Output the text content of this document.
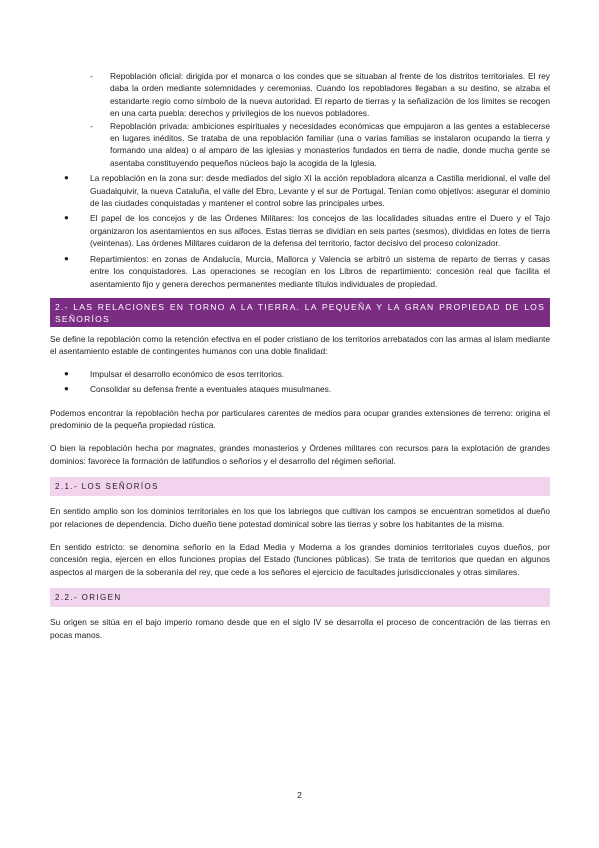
- Repoblación oficial: dirigida por el monarca o los condes que se situaban al frente de los distritos territoriales. El rey daba la orden mediante solemnidades y ceremonias. Cuando los repobladores llegaban a su destino, se alzaba el estandarte regio como símbolo de la nueva autoridad. El reparto de tierras y la señalización de los límites se recogen en una carta puebla: derechos y privilegios de los nuevos pobladores.
- Repoblación privada: ambiciones espirituales y necesidades económicas que empujaron a las gentes a establecerse en lugares inéditos. Se trataba de una repoblación familiar (una o varias familias se instalaron ocupando la tierra y formando una aldea) o al amparo de las iglesias y monasterios fundados en tierra de nadie, donde mucha gente se asentaba constituyendo pequeños núcleos bajo la acogida de la Iglesia.
●	La repoblación en la zona sur: desde mediados del siglo XI la acción repobladora alcanza a Castilla meridional, el valle del Guadalquivir, la nueva Cataluña, el valle del Ebro, Levante y el sur de Portugal. Tenían como objetivos: asegurar el dominio de las ciudades conquistadas y mantener el control sobre las principales urbes.
●	El papel de los concejos y de las Órdenes Militares: los concejos de las localidades situadas entre el Duero y el Tajo organizaron los asentamientos en sus alfoces. Estas tierras se dividían en seis partes (sesmos), divididas en lotes de tierra (veintenas). Las órdenes Militares cuidaron de la defensa del territorio, factor decisivo del proceso colonizador.
●	Repartimientos: en zonas de Andalucía, Murcia, Mallorca y Valencia se arbitró un sistema de reparto de tierras y casas entre los conquistadores. Las operaciones se recogían en los Libros de repartimiento: concesión real que facilita el asentamiento fijo y genera derechos permanentes mediante títulos individuales de propiedad.
2.- LAS RELACIONES EN TORNO A LA TIERRA. LA PEQUEÑA Y LA GRAN PROPIEDAD DE LOS SEÑORÍOS

Se define la repoblación como la retención efectiva en el poder cristiano de los territorios arrebatados con las armas al islam mediante el asentamiento estable de contingentes humanos con una doble finalidad:

●	Impulsar el desarrollo económico de esos territorios.
●	Consolidar su defensa frente a eventuales ataques musulmanes.

Podemos encontrar la repoblación hecha por particulares carentes de medios para ocupar grandes extensiones de terreno: origina el predominio de la pequeña propiedad rústica.

O bien la repoblación hecha por magnates, grandes monasterios y Órdenes militares con recursos para la explotación de grandes dominios: favorece la formación de latifundios o señoríos y el desarrollo del régimen señorial.

2.1.- LOS SEÑORÍOS

En sentido amplio son los dominios territoriales en los que los labriegos que cultivan los campos se encuentran sometidos al dueño por relaciones de dependencia. Dicho dueño tiene potestad dominical sobre las tierras y sobre los habitantes de la misma.

En sentido estricto: se denomina señorío en la Edad Media y Moderna a los grandes dominios territoriales cuyos dueños, por concesión regia, ejercen en ellos funciones propias del Estado (funciones públicas). Se trata de territorios que quedan en algunos aspectos al margen de la soberanía del rey, que cede a los señores el ejercicio de facultades jurisdiccionales y otras similares.

2.2.- ORIGEN

Su origen se sitúa en el bajo imperio romano desde que en el siglo IV se desarrolla el proceso de concentración de las tierras en pocas manos.

2
